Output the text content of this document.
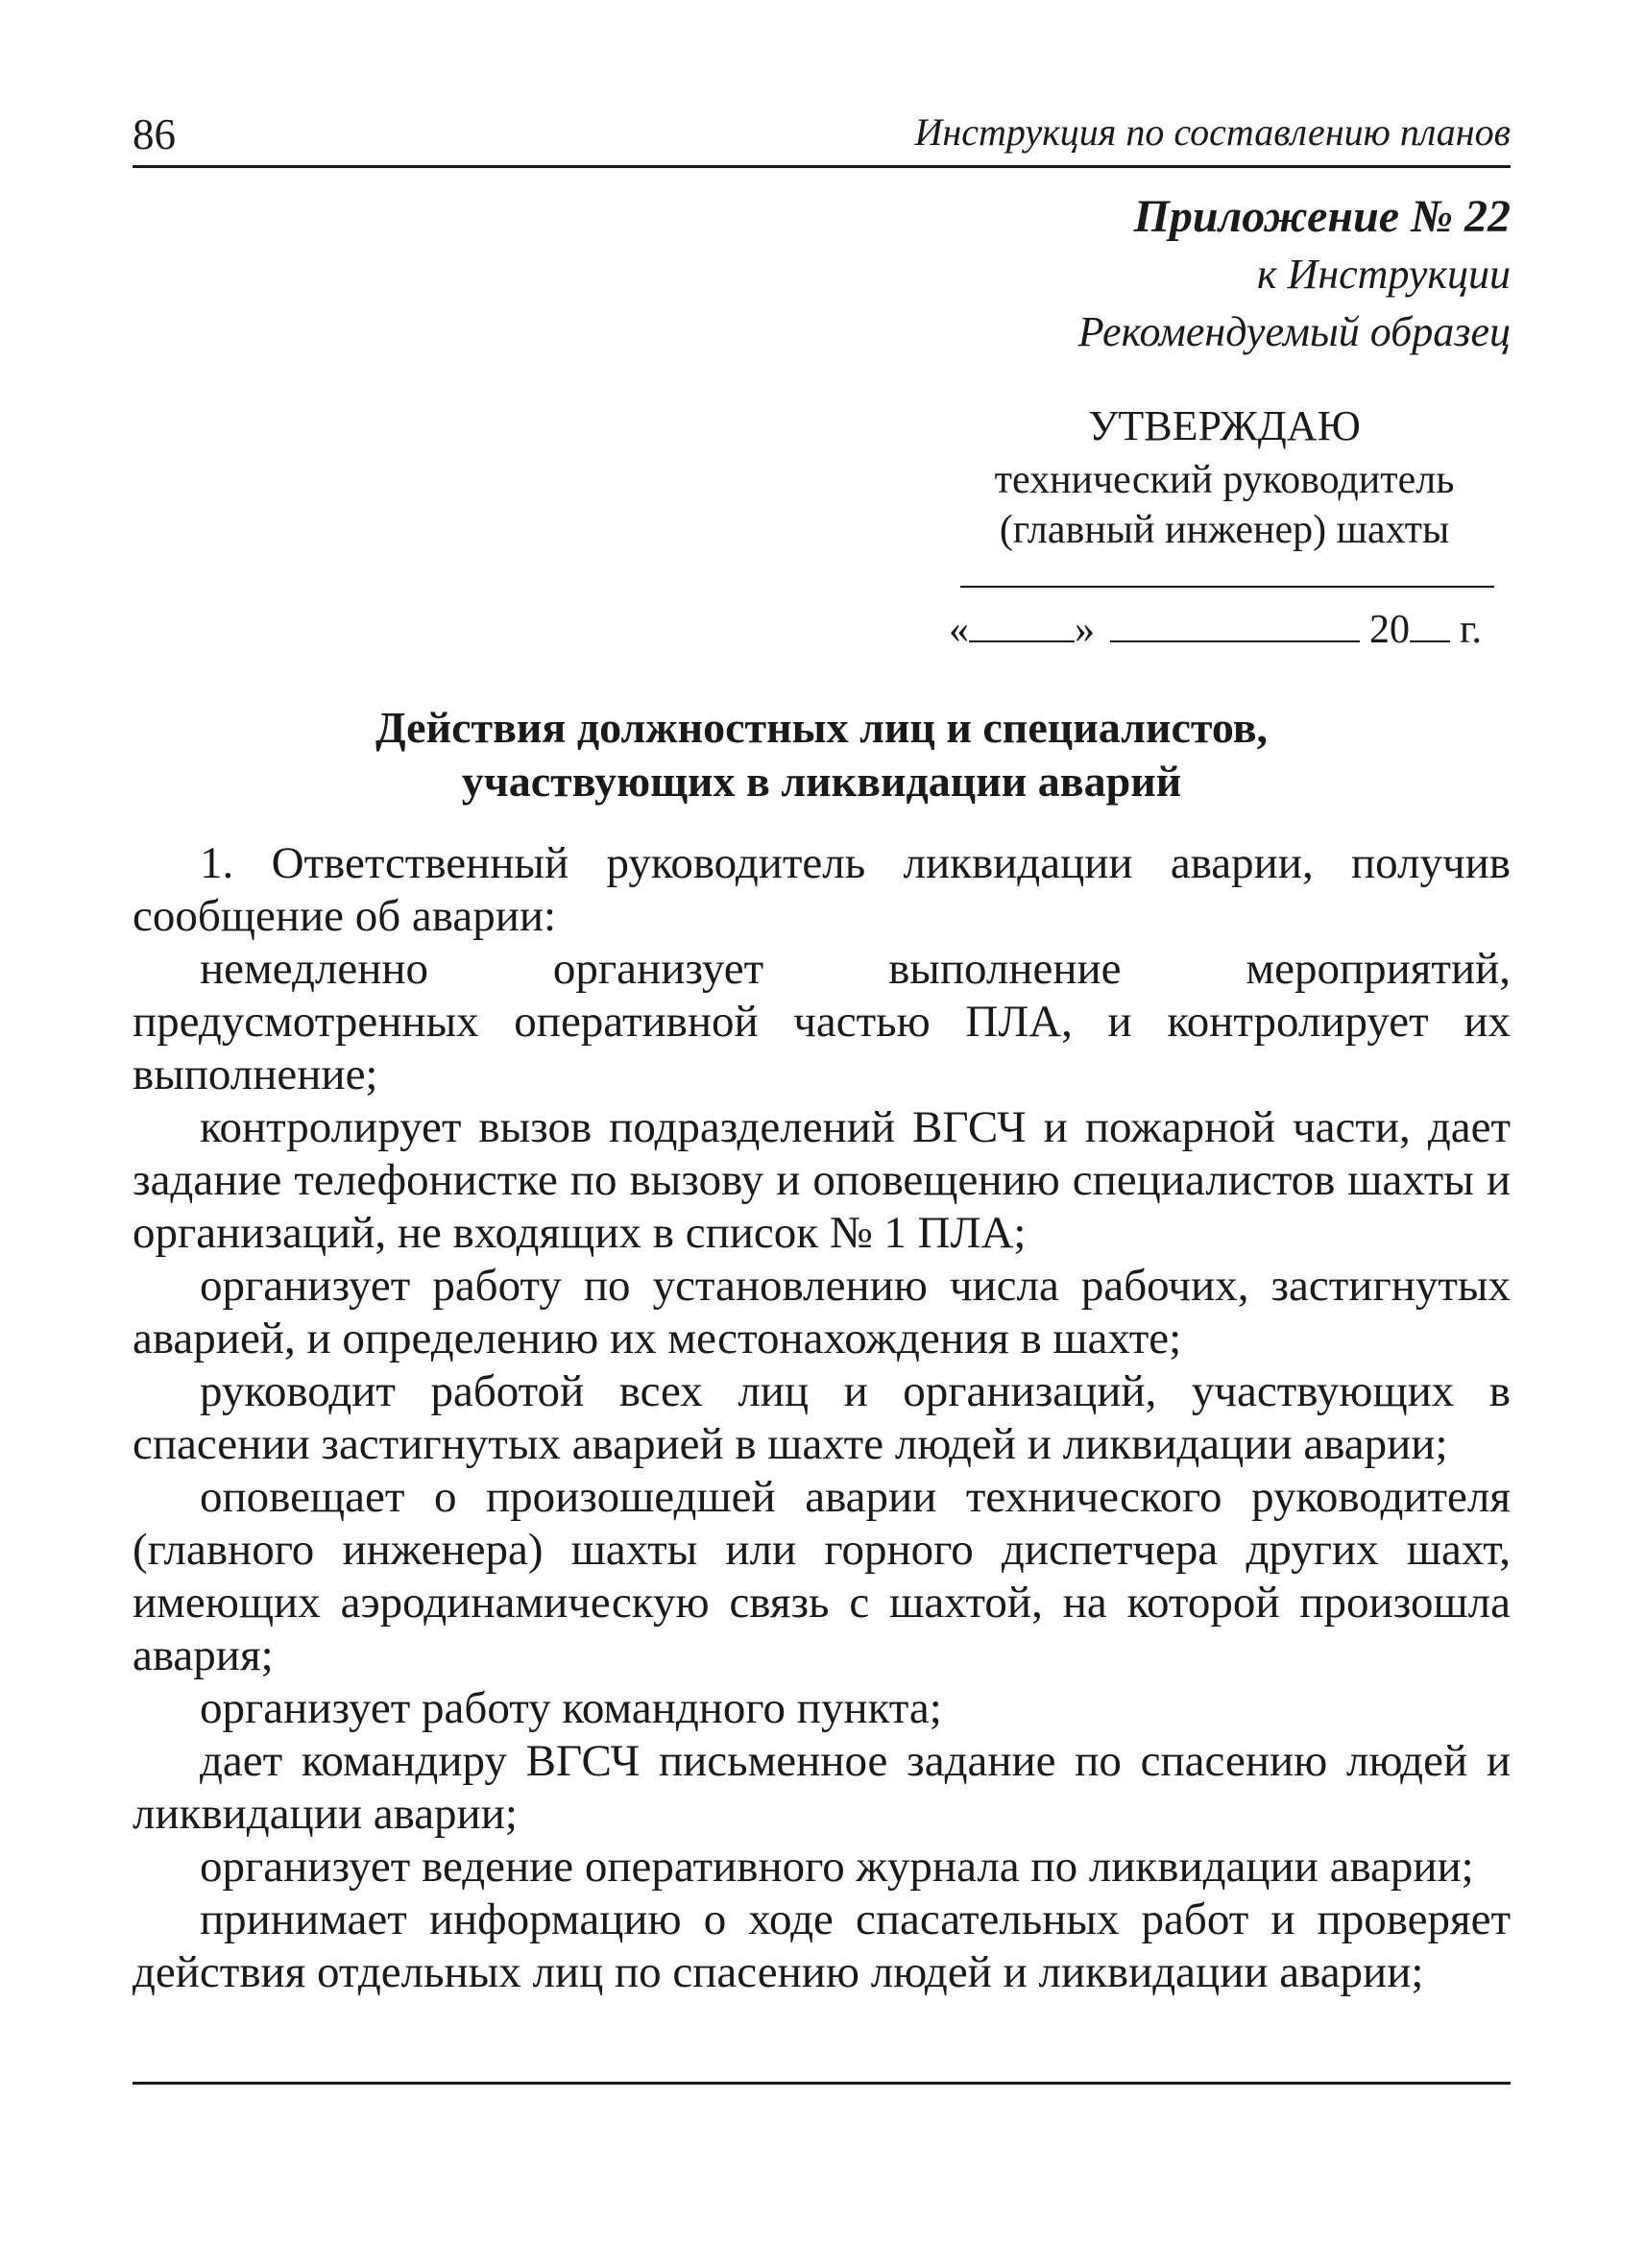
86	Инструкция по составлению планов
Приложение № 22
к Инструкции
Рекомендуемый образец
УТВЕРЖДАЮ
технический руководитель
(главный инженер) шахты
«	»	20 г.
Действия должностных лиц и специалистов,
участвующих в ликвидации аварий

1. Ответственный руководитель ликвидации аварии, получив сообщение об аварии:

немедленно организует выполнение мероприятий, предусмотренных оперативной частью ПЛА, и контролирует их выполнение;

контролирует вызов подразделений ВГСЧ и пожарной части, дает задание телефонистке по вызову и оповещению специалистов шахты и организаций, не входящих в список № 1 ПЛА;

организует работу по установлению числа рабочих, застигнутых аварией, и определению их местонахождения в шахте;

руководит работой всех лиц и организаций, участвующих в спасении застигнутых аварией в шахте людей и ликвидации аварии;

оповещает о произошедшей аварии технического руководителя (главного инженера) шахты или горного диспетчера других шахт, имеющих аэродинамическую связь с шахтой, на которой произошла авария;

организует работу командного пункта;

дает командиру ВГСЧ письменное задание по спасению людей и ликвидации аварии;

организует ведение оперативного журнала по ликвидации аварии;

принимает информацию о ходе спасательных работ и проверяет действия отдельных лиц по спасению людей и ликвидации аварии;
